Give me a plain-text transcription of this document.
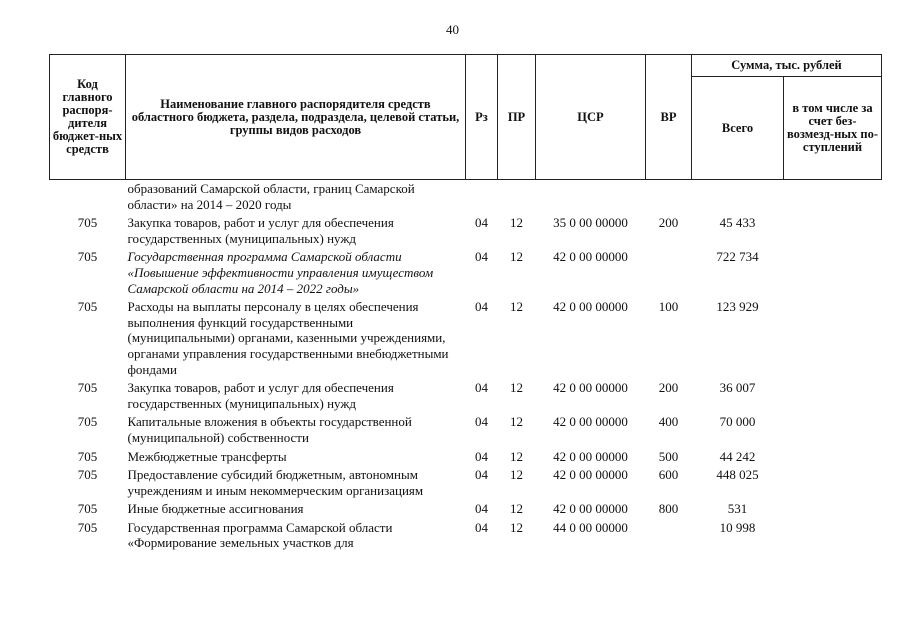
40
Код главного распоря-дителя бюджет-ных средств	Наименование главного распорядителя средств областного бюджета, раздела, подраздела, целевой статьи, группы видов расходов	Рз	ПР	ЦСР	ВР	Сумма, тыс. рублей	
						Всего	в том числе за счет без-возмезд-ных по-ступлений
	образований Самарской области, границ Самарской области» на 2014 – 2020 годы						
705	Закупка товаров, работ и услуг для обеспечения государственных (муниципальных) нужд	04	12	35 0 00 00000	200	45 433	
705	Государственная программа Самарской области «Повышение эффективности управления имуществом Самарской области на 2014 – 2022 годы»	04	12	42 0 00 00000		722 734	
705	Расходы на выплаты персоналу в целях обеспечения выполнения функций государственными (муниципальными) органами, казенными учреждениями, органами управления государственными внебюджетными фондами	04	12	42 0 00 00000	100	123 929	
705	Закупка товаров, работ и услуг для обеспечения государственных (муниципальных) нужд	04	12	42 0 00 00000	200	36 007	
705	Капитальные вложения в объекты государственной (муниципальной) собственности	04	12	42 0 00 00000	400	70 000	
705	Межбюджетные трансферты	04	12	42 0 00 00000	500	44 242	
705	Предоставление субсидий бюджетным, автономным учреждениям и иным некоммерческим организациям	04	12	42 0 00 00000	600	448 025	
705	Иные бюджетные ассигнования	04	12	42 0 00 00000	800	531	
705	Государственная программа Самарской области «Формирование земельных участков для	04	12	44 0 00 00000		10 998	
